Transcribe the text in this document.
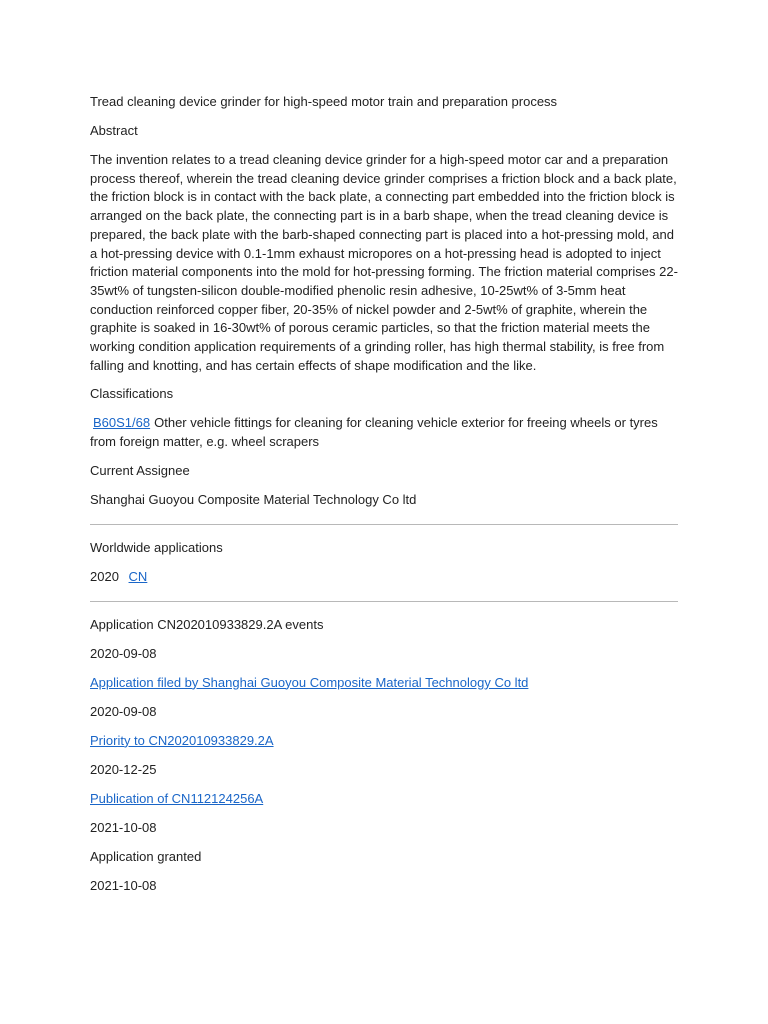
Tread cleaning device grinder for high-speed motor train and preparation process

Abstract

The invention relates to a tread cleaning device grinder for a high-speed motor car and a preparation process thereof, wherein the tread cleaning device grinder comprises a friction block and a back plate, the friction block is in contact with the back plate, a connecting part embedded into the friction block is arranged on the back plate, the connecting part is in a barb shape, when the tread cleaning device is prepared, the back plate with the barb-shaped connecting part is placed into a hot-pressing mold, and a hot-pressing device with 0.1-1mm exhaust micropores on a hot-pressing head is adopted to inject friction material components into the mold for hot-pressing forming. The friction material comprises 22-35wt% of tungsten-silicon double-modified phenolic resin adhesive, 10-25wt% of 3-5mm heat conduction reinforced copper fiber, 20-35% of nickel powder and 2-5wt% of graphite, wherein the graphite is soaked in 16-30wt% of porous ceramic particles, so that the friction material meets the working condition application requirements of a grinding roller, has high thermal stability, is free from falling and knotting, and has certain effects of shape modification and the like.

Classifications

B60S1/68 Other vehicle fittings for cleaning for cleaning vehicle exterior for freeing wheels or tyres from foreign matter, e.g. wheel scrapers

Current Assignee

Shanghai Guoyou Composite Material Technology Co ltd

Worldwide applications

2020 CN

Application CN202010933829.2A events

2020-09-08

Application filed by Shanghai Guoyou Composite Material Technology Co ltd

2020-09-08

Priority to CN202010933829.2A

2020-12-25

Publication of CN112124256A

2021-10-08

Application granted

2021-10-08
